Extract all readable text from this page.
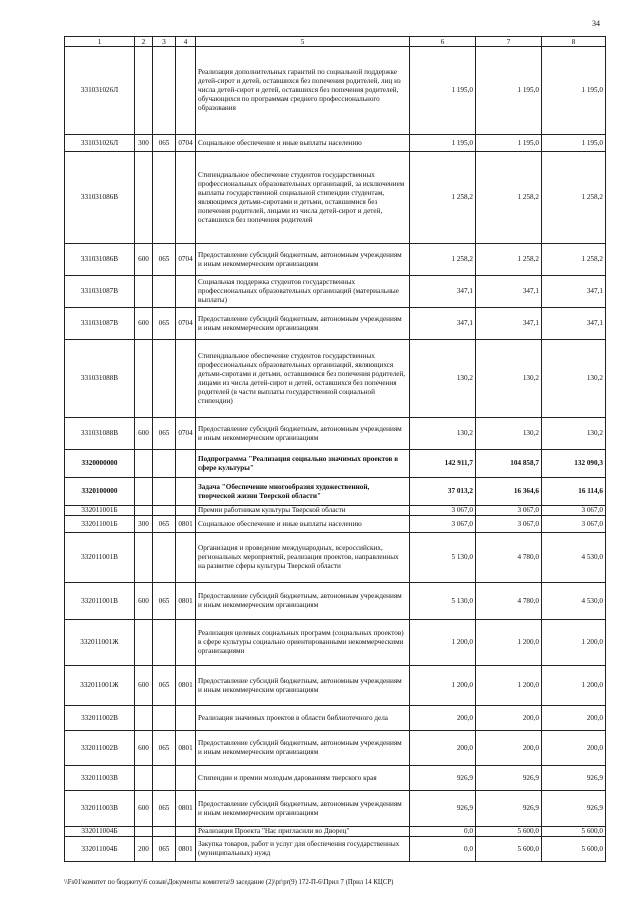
34
1	2	3	4	5	6	7	8
331031026Л				Реализация дополнительных гарантий по социальной поддержке детей-сирот и детей, оставшихся без попечения родителей, лиц из числа детей-сирот и детей, оставшихся без попечения родителей, обучающихся по программам среднего профессионального образования	1 195,0	1 195,0	1 195,0
331031026Л	300	065	0704	Социальное обеспечение и иные выплаты населению	1 195,0	1 195,0	1 195,0
331031086В				Стипендиальное обеспечение студентов государственных профессиональных образовательных организаций, за исключением выплаты государственной социальной стипендии студентам, являющимся детьми-сиротами и детьми, оставшимися без попечения родителей, лицами из числа детей-сирот и детей, оставшихся без попечения родителей	1 258,2	1 258,2	1 258,2
331031086В	600	065	0704	Предоставление субсидий бюджетным, автономным учреждениям и иным некоммерческим организациям	1 258,2	1 258,2	1 258,2
331031087В				Социальная поддержка студентов государственных профессиональных образовательных организаций (материальные выплаты)	347,1	347,1	347,1
331031087В	600	065	0704	Предоставление субсидий бюджетным, автономным учреждениям и иным некоммерческим организациям	347,1	347,1	347,1
331031088В				Стипендиальное обеспечение студентов государственных профессиональных образовательных организаций, являющихся детьми-сиротами и детьми, оставшимися без попечения родителей, лицами из числа детей-сирот и детей, оставшихся без попечения родителей (в части выплаты государственной социальной стипендии)	130,2	130,2	130,2
331031088В	600	065	0704	Предоставление субсидий бюджетным, автономным учреждениям и иным некоммерческим организациям	130,2	130,2	130,2
3320000000				Подпрограмма "Реализация социально значимых проектов в сфере культуры"	142 911,7	104 858,7	132 090,3
3320100000				Задача "Обеспечение многообразия художественной, творческой жизни Тверской области"	37 013,2	16 364,6	16 114,6
332011001Б				Премии работникам культуры Тверской области	3 067,0	3 067,0	3 067,0
332011001Б	300	065	0801	Социальное обеспечение и иные выплаты населению	3 067,0	3 067,0	3 067,0
332011001В				Организация и проведение международных, всероссийских, региональных мероприятий, реализация проектов, направленных на развитие сферы культуры Тверской области	5 130,0	4 780,0	4 530,0
332011001В	600	065	0801	Предоставление субсидий бюджетным, автономным учреждениям и иным некоммерческим организациям	5 130,0	4 780,0	4 530,0
332011001Ж				Реализация целевых социальных программ (социальных проектов) в сфере культуры социально ориентированными некоммерческими организациями	1 200,0	1 200,0	1 200,0
332011001Ж	600	065	0801	Предоставление субсидий бюджетным, автономным учреждениям и иным некоммерческим организациям	1 200,0	1 200,0	1 200,0
332011002В				Реализация значимых проектов в области библиотечного дела	200,0	200,0	200,0
332011002В	600	065	0801	Предоставление субсидий бюджетным, автономным учреждениям и иным некоммерческим организациям	200,0	200,0	200,0
332011003В				Стипендии и премии молодым дарованиям тверского края	926,9	926,9	926,9
332011003В	600	065	0801	Предоставление субсидий бюджетным, автономным учреждениям и иным некоммерческим организациям	926,9	926,9	926,9
332011004Б				Реализация Проекта "Нас пригласили во Дворец"	0,0	5 600,0	5 600,0
332011004Б	200	065	0801	Закупка товаров, работ и услуг для обеспечения государственных (муниципальных) нужд	0,0	5 600,0	5 600,0
\\Fs01\комитет по бюджету\6 созыв\Документы комитета\9 заседание (2)\pr\pr(9) 172-П-6\Прил 7 (Прил 14 КЦСР)
